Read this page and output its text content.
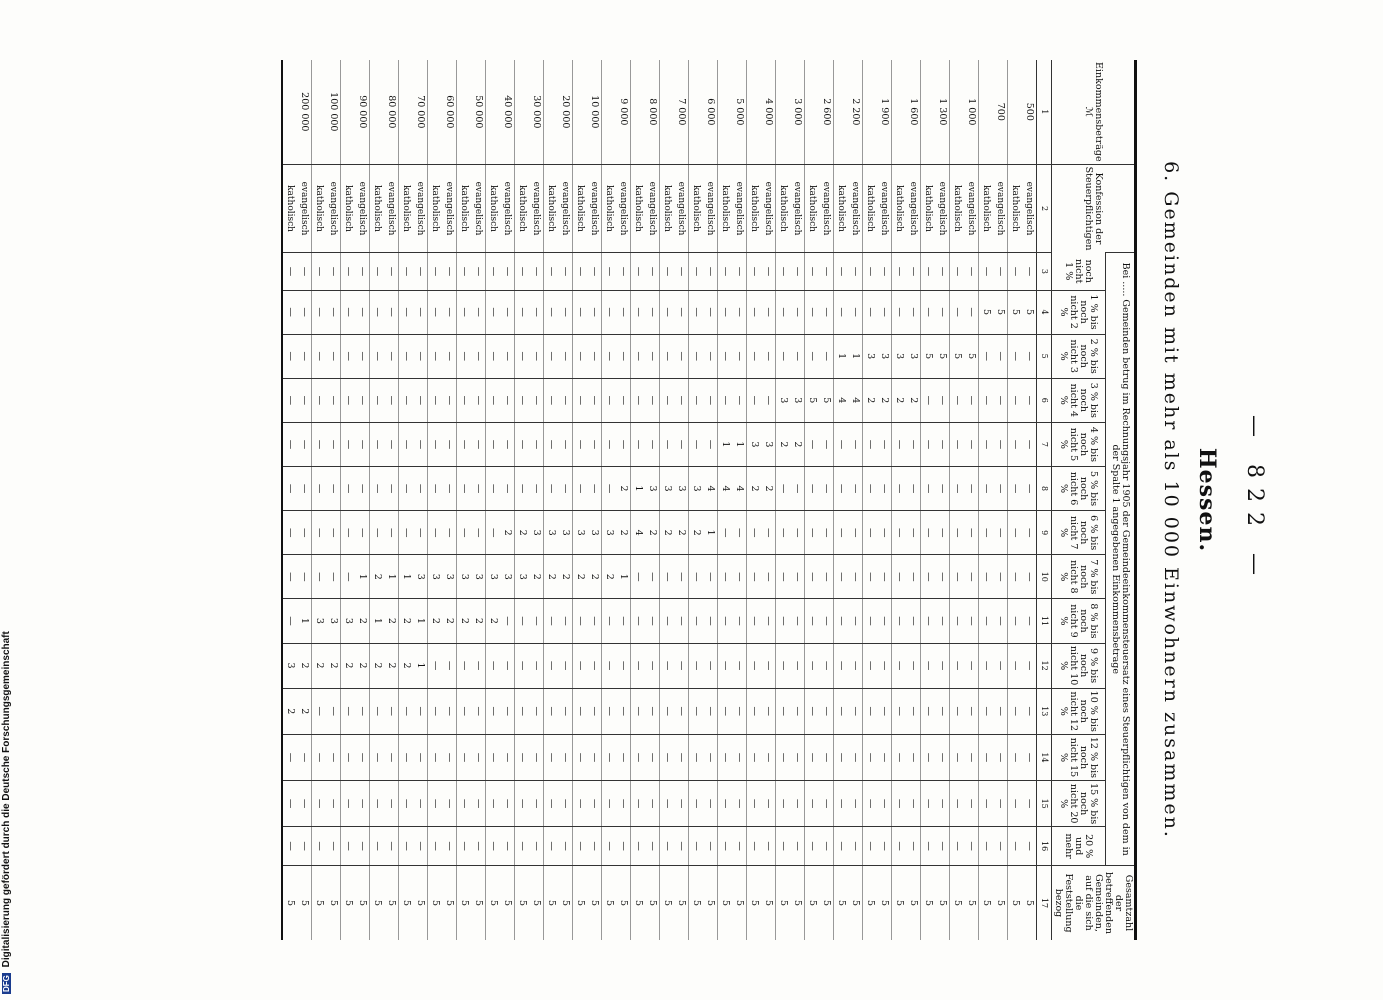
— 822 —
Hessen.
6. Gemeinden mit mehr als 10 000 Einwohnern zusammen.
Einkommensbeträge
ℳ	Konfession der Steuerpflichtigen	Bei ..... Gemeinden betrug im Rechnungsjahr 1905 der Gemeindeeinkommensteuersatz eines Steuerpflichtigen von dem in der Spalte 1 angegebenen Einkommensbetrage														Gesamtzahl der betreffenden Gemeinden, auf die sich die Feststellung bezog
		noch nicht 1 %	1 % bis noch nicht 2 %	2 % bis noch nicht 3 %	3 % bis noch nicht 4 %	4 % bis noch nicht 5 %	5 % bis noch nicht 6 %	6 % bis noch nicht 7 %	7 % bis noch nicht 8 %	8 % bis noch nicht 9 %	9 % bis noch nicht 10 %	10 % bis noch nicht 12 %	12 % bis noch nicht 15 %	15 % bis noch nicht 20 %	20 % und mehr	
1	2	3	4	5	6	7	8	9	10	11	12	13	14	15	16	17
500	evangelisch	—	5	—	—	—	—	—	—	—	—	—	—	—	—	5
	katholisch	—	5	—	—	—	—	—	—	—	—	—	—	—	—	5
700	evangelisch	—	5	—	—	—	—	—	—	—	—	—	—	—	—	5
	katholisch	—	5	—	—	—	—	—	—	—	—	—	—	—	—	5
1 000	evangelisch	—	—	5	—	—	—	—	—	—	—	—	—	—	—	5
	katholisch	—	—	5	—	—	—	—	—	—	—	—	—	—	—	5
1 300	evangelisch	—	—	5	—	—	—	—	—	—	—	—	—	—	—	5
	katholisch	—	—	5	—	—	—	—	—	—	—	—	—	—	—	5
1 600	evangelisch	—	—	3	2	—	—	—	—	—	—	—	—	—	—	5
	katholisch	—	—	3	2	—	—	—	—	—	—	—	—	—	—	5
1 900	evangelisch	—	—	3	2	—	—	—	—	—	—	—	—	—	—	5
	katholisch	—	—	3	2	—	—	—	—	—	—	—	—	—	—	5
2 200	evangelisch	—	—	1	4	—	—	—	—	—	—	—	—	—	—	5
	katholisch	—	—	1	4	—	—	—	—	—	—	—	—	—	—	5
2 600	evangelisch	—	—	—	5	—	—	—	—	—	—	—	—	—	—	5
	katholisch	—	—	—	5	—	—	—	—	—	—	—	—	—	—	5
3 000	evangelisch	—	—	—	3	2	—	—	—	—	—	—	—	—	—	5
	katholisch	—	—	—	3	2	—	—	—	—	—	—	—	—	—	5
4 000	evangelisch	—	—	—	—	3	2	—	—	—	—	—	—	—	—	5
	katholisch	—	—	—	—	3	2	—	—	—	—	—	—	—	—	5
5 000	evangelisch	—	—	—	—	1	4	—	—	—	—	—	—	—	—	5
	katholisch	—	—	—	—	1	4	—	—	—	—	—	—	—	—	5
6 000	evangelisch	—	—	—	—	—	4	1	—	—	—	—	—	—	—	5
	katholisch	—	—	—	—	—	3	2	—	—	—	—	—	—	—	5
7 000	evangelisch	—	—	—	—	—	3	2	—	—	—	—	—	—	—	5
	katholisch	—	—	—	—	—	3	2	—	—	—	—	—	—	—	5
8 000	evangelisch	—	—	—	—	—	3	2	—	—	—	—	—	—	—	5
	katholisch	—	—	—	—	—	1	4	—	—	—	—	—	—	—	5
9 000	evangelisch	—	—	—	—	—	2	2	1	—	—	—	—	—	—	5
	katholisch	—	—	—	—	—	—	3	2	—	—	—	—	—	—	5
10 000	evangelisch	—	—	—	—	—	—	3	2	—	—	—	—	—	—	5
	katholisch	—	—	—	—	—	—	3	2	—	—	—	—	—	—	5
20 000	evangelisch	—	—	—	—	—	—	3	2	—	—	—	—	—	—	5
	katholisch	—	—	—	—	—	—	3	2	—	—	—	—	—	—	5
30 000	evangelisch	—	—	—	—	—	—	3	2	—	—	—	—	—	—	5
	katholisch	—	—	—	—	—	—	2	3	—	—	—	—	—	—	5
40 000	evangelisch	—	—	—	—	—	—	2	3	—	—	—	—	—	—	5
	katholisch	—	—	—	—	—	—	—	3	2	—	—	—	—	—	5
50 000	evangelisch	—	—	—	—	—	—	—	3	2	—	—	—	—	—	5
	katholisch	—	—	—	—	—	—	—	3	2	—	—	—	—	—	5
60 000	evangelisch	—	—	—	—	—	—	—	3	2	—	—	—	—	—	5
	katholisch	—	—	—	—	—	—	—	3	2	—	—	—	—	—	5
70 000	evangelisch	—	—	—	—	—	—	—	3	1	1	—	—	—	—	5
	katholisch	—	—	—	—	—	—	—	1	2	2	—	—	—	—	5
80 000	evangelisch	—	—	—	—	—	—	—	1	2	2	—	—	—	—	5
	katholisch	—	—	—	—	—	—	—	2	1	2	—	—	—	—	5
90 000	evangelisch	—	—	—	—	—	—	—	1	2	2	—	—	—	—	5
	katholisch	—	—	—	—	—	—	—	—	3	2	—	—	—	—	5
100 000	evangelisch	—	—	—	—	—	—	—	—	3	2	—	—	—	—	5
	katholisch	—	—	—	—	—	—	—	—	3	2	—	—	—	—	5
200 000	evangelisch	—	—	—	—	—	—	—	—	1	2	2	—	—	—	5
	katholisch	—	—	—	—	—	—	—	—	—	3	2	—	—	—	5
DFG Digitalisierung gefördert durch die Deutsche Forschungsgemeinschaft
